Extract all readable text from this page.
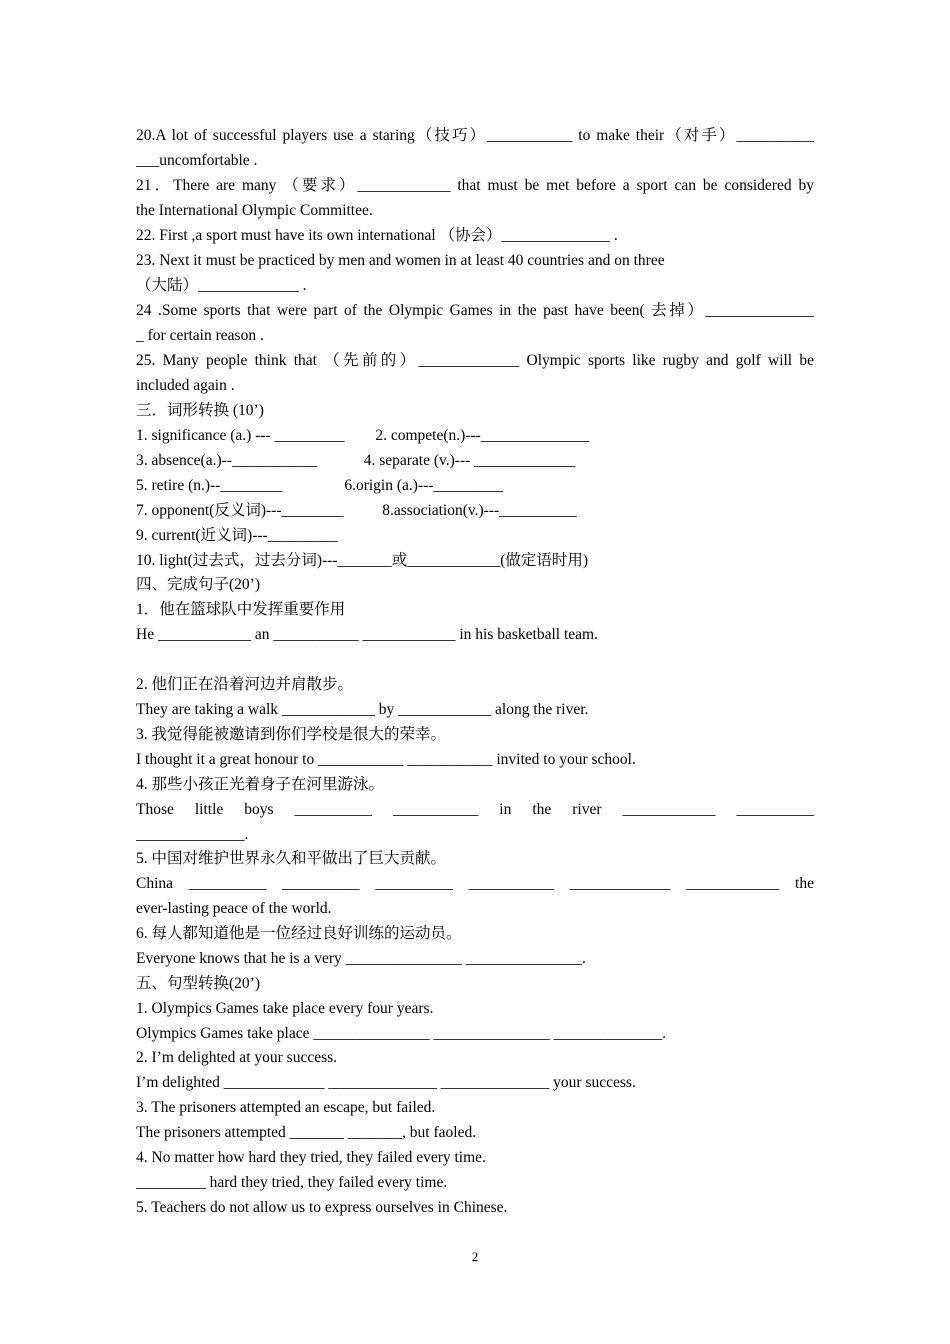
20.A lot of successful players use a staring（技巧）___________ to make their（对手）__________
___uncomfortable .
21．There are many （要求）____________ that must be met before a sport can be considered by
the International Olympic Committee.
22. First ,a sport must have its own international （协会）______________ .
23. Next it must be practiced by men and women in at least 40 countries and on three
（大陆）_____________ .
24 .Some sports that were part of the Olympic Games in the past have been( 去掉）______________
_ for certain reason .
25. Many people think that （先前的）_____________ Olympic sports like rugby and golf will be
included again .
三．词形转换 (10’)
1. significance (a.) --- _________        2. compete(n.)---______________
3. absence(a.)--___________            4. separate (v.)--- _____________
5. retire (n.)--________                6.origin (a.)---_________
7. opponent(反义词)---________          8.association(v.)---__________
9. current(近义词)---_________
10. light(过去式，过去分词)---_______或____________(做定语时用)
四、完成句子(20’)
1．他在篮球队中发挥重要作用
He ____________ an ___________ ____________ in his basketball team.
2. 他们正在沿着河边并肩散步。
They are taking a walk ____________ by ____________ along the river.
3. 我觉得能被邀请到你们学校是很大的荣幸。
I thought it a great honour to ___________ ___________ invited to your school.
4. 那些小孩正光着身子在河里游泳。
Those little boys __________ ___________ in the river ____________ __________
______________.
5. 中国对维护世界永久和平做出了巨大贡献。
China __________ __________ __________ ___________ _____________ ____________ the
ever-lasting peace of the world.
6. 每人都知道他是一位经过良好训练的运动员。
Everyone knows that he is a very _______________ _______________.
五、句型转换(20’)
1. Olympics Games take place every four years.
Olympics Games take place _______________ _______________ ______________.
2. I’m delighted at your success.
I’m delighted _____________ ______________ ______________ your success.
3. The prisoners attempted an escape, but failed.
The prisoners attempted _______ _______, but faoled.
4. No matter how hard they tried, they failed every time.
_________ hard they tried, they failed every time.
5. Teachers do not allow us to express ourselves in Chinese.
2
